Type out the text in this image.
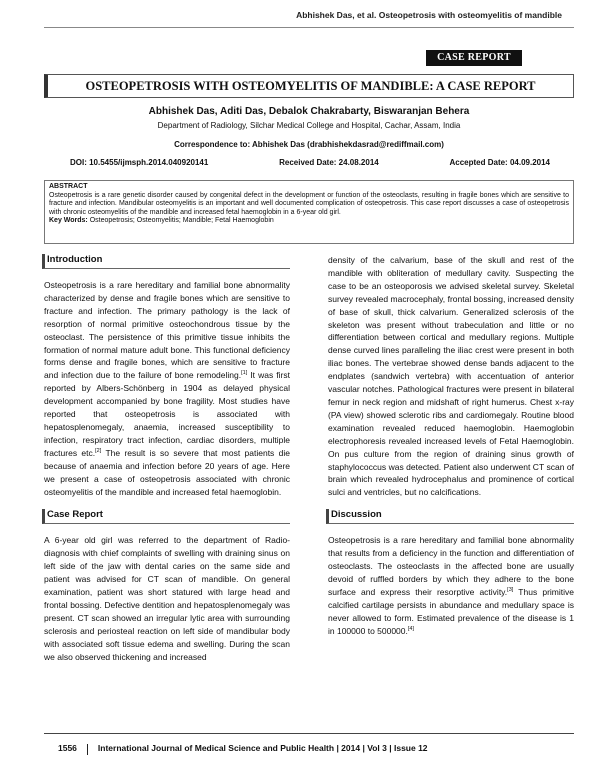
Abhishek Das, et al. Osteopetrosis with osteomyelitis of mandible
CASE REPORT
OSTEOPETROSIS WITH OSTEOMYELITIS OF MANDIBLE: A CASE REPORT
Abhishek Das, Aditi Das, Debalok Chakrabarty, Biswaranjan Behera
Department of Radiology, Silchar Medical College and Hospital, Cachar, Assam, India
Correspondence to: Abhishek Das (drabhishekdasrad@rediffmail.com)
DOI: 10.5455/ijmsph.2014.040920141	Received Date: 24.08.2014	Accepted Date: 04.09.2014
ABSTRACT
Osteopetrosis is a rare genetic disorder caused by congenital defect in the development or function of the osteoclasts, resulting in fragile bones which are sensitive to fracture and infection. Mandibular osteomyelitis is an important and well documented complication of osteopetrosis. This case report discusses a case of osteopetrosis with chronic osteomyelitis of the mandible and increased fetal haemoglobin in a 6-year old girl.
Key Words: Osteopetrosis; Osteomyelitis; Mandible; Fetal Haemoglobin
Introduction

Osteopetrosis is a rare hereditary and familial bone abnormality characterized by dense and fragile bones which are sensitive to fracture and infection. The primary pathology is the lack of resorption of normal primitive osteochondrous tissue by the osteoclast. The persistence of this primitive tissue inhibits the formation of normal mature adult bone. This functional deficiency forms dense and fragile bones, which are sensitive to fracture and infection due to the failure of bone remodeling.[1] It was first reported by Albers-Schönberg in 1904 as delayed physical development accompanied by bone fragility. Most studies have reported that osteopetrosis is associated with hepatosplenomegaly, anaemia, increased susceptibility to infection, respiratory tract infection, cardiac disorders, multiple fractures etc.[2] The result is so severe that most patients die because of anaemia and infection before 20 years of age. Here we present a case of osteopetrosis associated with chronic osteomyelitis of the mandible and increased fetal haemoglobin.

Case Report

A 6-year old girl was referred to the department of Radio-diagnosis with chief complaints of swelling with draining sinus on left side of the jaw with dental caries on the same side and patient was advised for CT scan of mandible. On general examination, patient was short statured with large head and frontal bossing. Defective dentition and hepatosplenomegaly was present. CT scan showed an irregular lytic area with surrounding sclerosis and periosteal reaction on left side of mandibular body with associated soft tissue edema and swelling. During the scan we also observed thickening and increased

density of the calvarium, base of the skull and rest of the mandible with obliteration of medullary cavity. Suspecting the case to be an osteoporosis we advised skeletal survey. Skeletal survey revealed macrocephaly, frontal bossing, increased density of base of skull, thick calvarium. Generalized sclerosis of the skeleton was present without trabeculation and little or no differentiation between cortical and medullary regions. Multiple dense curved lines paralleling the iliac crest were present in both iliac bones. The vertebrae showed dense bands adjacent to the endplates (sandwich vertebra) with accentuation of anterior vascular notches. Pathological fractures were present in bilateral femur in neck region and midshaft of right humerus. Chest x-ray (PA view) showed sclerotic ribs and cardiomegaly. Routine blood examination revealed reduced haemoglobin. Haemoglobin electrophoresis revealed increased levels of Fetal Haemoglobin. On pus culture from the region of draining sinus growth of staphylococcus was detected. Patient also underwent CT scan of brain which revealed hydrocephalus and prominence of cortical sulci and ventricles, but no calcifications.

Discussion

Osteopetrosis is a rare hereditary and familial bone abnormality that results from a deficiency in the function and differentiation of osteoclasts. The osteoclasts in the affected bone are usually devoid of ruffled borders by which they adhere to the bone surface and express their resorptive activity.[3] Thus primitive calcified cartilage persists in abundance and medullary space is never allowed to form. Estimated prevalence of the disease is 1 in 100000 to 500000.[4]

1556 International Journal of Medical Science and Public Health | 2014 | Vol 3 | Issue 12
